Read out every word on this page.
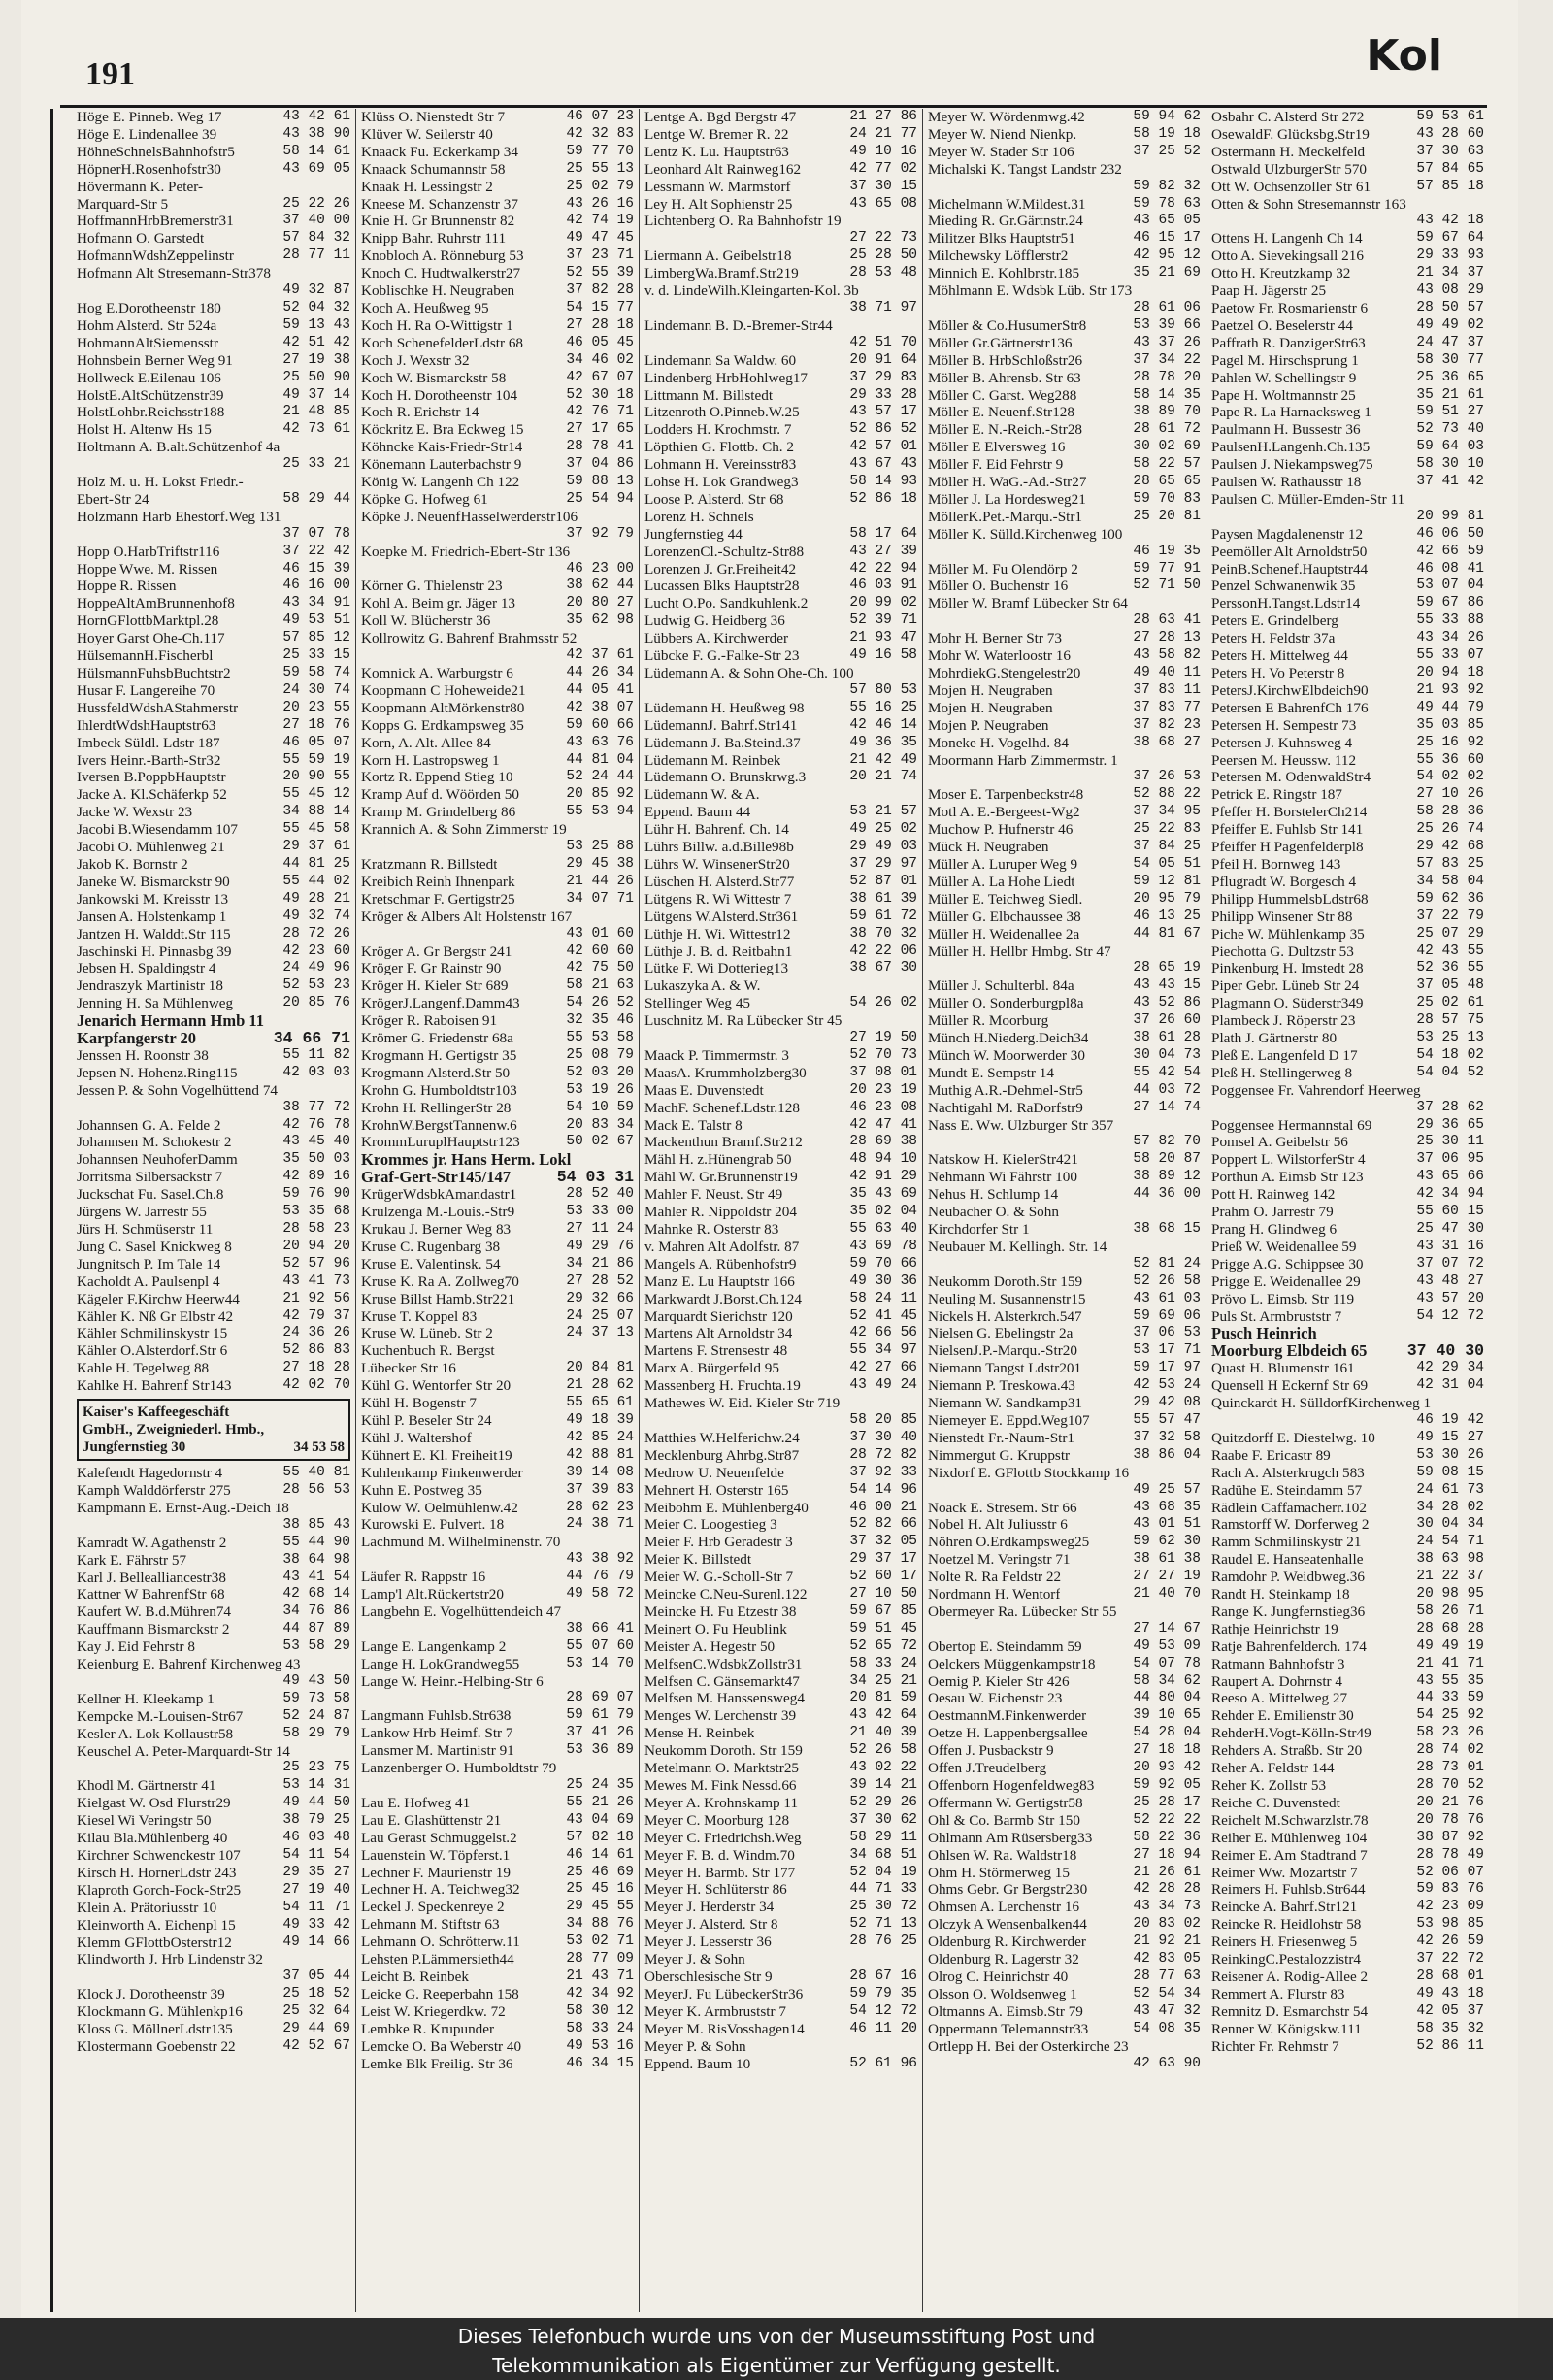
191	Kol
Höge E. Pinneb. Weg 17	43 42 61
Höge E. Lindenallee 39	43 38 90
HöhneSchnelsBahnhofstr5	58 14 61
HöpnerH.Rosenhofstr30	43 69 05
Hövermann K. Peter-
Marquard-Str 5	25 22 26
HoffmannHrbBremerstr31	37 40 00
Hofmann O. Garstedt	57 84 32
HofmannWdshZeppelinstr	28 77 11
Hofmann Alt Stresemann-Str378
49 32 87
Hog E.Dorotheenstr 180	52 04 32
Hohm Alsterd. Str 524a	59 13 43
HohmannAltSiemensstr	42 51 42
Hohnsbein Berner Weg 91	27 19 38
Hollweck E.Eilenau 106	25 50 90
HolstE.AltSchützenstr39	49 37 14
HolstLohbr.Reichsstr188	21 48 85
Holst H. Altenw Hs 15	42 73 61
Holtmann A. B.alt.Schützenhof 4a
25 33 21
Holz M. u. H. Lokst Friedr.-
Ebert-Str 24	58 29 44
Holzmann Harb Ehestorf.Weg 131
37 07 78
Hopp O.HarbTriftstr116	37 22 42
Hoppe Wwe. M. Rissen	46 15 39
Hoppe R. Rissen	46 16 00
HoppeAltAmBrunnenhof8	43 34 91
HornGFlottbMarktpl.28	49 53 51
Hoyer Garst Ohe-Ch.117	57 85 12
HülsemannH.Fischerbl	25 33 15
HülsmannFuhsbBuchtstr2	59 58 74
Husar F. Langereihe 70	24 30 74
HussfeldWdshAStahmerstr	20 23 55
IhlerdtWdshHauptstr63	27 18 76
Imbeck Süldl. Ldstr 187	46 05 07
Ivers Heinr.-Barth-Str32	55 59 19
Iversen B.PoppbHauptstr	20 90 55
Jacke A. Kl.Schäferkp 52	55 45 12
Jacke W. Wexstr 23	34 88 14
Jacobi B.Wiesendamm 107	55 45 58
Jacobi O. Mühlenweg 21	29 37 61
Jakob K. Bornstr 2	44 81 25
Janeke W. Bismarckstr 90	55 44 02
Jankowski M. Kreisstr 13	49 28 21
Jansen A. Holstenkamp 1	49 32 74
Jantzen H. Walddt.Str 115	28 72 26
Jaschinski H. Pinnasbg 39	42 23 60
Jebsen H. Spaldingstr 4	24 49 96
Jendraszyk Martinistr 18	52 53 23
Jenning H. Sa Mühlenweg	20 85 76
Jenarich Hermann Hmb 11
Karpfangerstr 20	34 66 71
Jenssen H. Roonstr 38	55 11 82
Jepsen N. Hohenz.Ring115	42 03 03
Jessen P. & Sohn Vogelhüttend 74
38 77 72
Johannsen G. A. Felde 2	42 76 78
Johannsen M. Schokestr 2	43 45 40
Johannsen NeuhoferDamm	35 50 03
Jorritsma Silbersackstr 7	42 89 16
Juckschat Fu. Sasel.Ch.8	59 76 90
Jürgens W. Jarrestr 55	53 35 68
Jürs H. Schmüserstr 11	28 58 23
Jung C. Sasel Knickweg 8	20 94 20
Jungnitsch P. Im Tale 14	52 57 96
Kacholdt A. Paulsenpl 4	43 41 73
Kägeler F.Kirchw Heerw44	21 92 56
Kähler K. Nß Gr Elbstr 42	42 79 37
Kähler Schmilinskystr 15	24 36 26
Kähler O.Alsterdorf.Str 6	52 86 83
Kahle H. Tegelweg 88	27 18 28
Kahlke H. Bahrenf Str143	42 02 70
Kaiser's Kaffeegeschäft
GmbH., Zweigniederl. Hmb.,
Jungfernstieg 30	34 53 58
Kalefendt Hagedornstr 4	55 40 81
Kamph Walddörferstr 275	28 56 53
Kampmann E. Ernst-Aug.-Deich 18
38 85 43
Kamradt W. Agathenstr 2	55 44 90
Kark E. Fährstr 57	38 64 98
Karl J. Bellealliancestr38	43 41 54
Kattner W BahrenfStr 68	42 68 14
Kaufert W. B.d.Mühren74	34 76 86
Kauffmann Bismarckstr 2	44 87 89
Kay J. Eid Fehrstr 8	53 58 29
Keienburg E. Bahrenf Kirchenweg 43
49 43 50
Kellner H. Kleekamp 1	59 73 58
Kempcke M.-Louisen-Str67	52 24 87
Kesler A. Lok Kollaustr58	58 29 79
Keuschel A. Peter-Marquardt-Str 14
25 23 75
Khodl M. Gärtnerstr 41	53 14 31
Kielgast W. Osd Flurstr29	49 44 50
Kiesel Wi Veringstr 50	38 79 25
Kilau Bla.Mühlenberg 40	46 03 48
Kirchner Schwenckestr 107	54 11 54
Kirsch H. HornerLdstr 243	29 35 27
Klaproth Gorch-Fock-Str25	27 19 40
Klein A. Prätoriusstr 10	54 11 71
Kleinworth A. Eichenpl 15	49 33 42
Klemm GFlottbOsterstr12	49 14 66
Klindworth J. Hrb Lindenstr 32
37 05 44
Klock J. Dorotheenstr 39	25 18 52
Klockmann G. Mühlenkp16	25 32 64
Kloss G. MöllnerLdstr135	29 44 69
Klostermann Goebenstr 22	42 52 67
Klüss O. Nienstedt Str 7	46 07 23
Klüver W. Seilerstr 40	42 32 83
Knaack Fu. Eckerkamp 34	59 77 70
Knaack Schumannstr 58	25 55 13
Knaak H. Lessingstr 2	25 02 79
Kneese M. Schanzenstr 37	43 26 16
Knie H. Gr Brunnenstr 82	42 74 19
Knipp Bahr. Ruhrstr 111	49 47 45
Knobloch A. Rönneburg 53	37 23 71
Knoch C. Hudtwalkerstr27	52 55 39
Koblischke H. Neugraben	37 82 28
Koch A. Heußweg 95	54 15 77
Koch H. Ra O-Wittigstr 1	27 28 18
Koch SchenefelderLdstr 68	46 05 45
Koch J. Wexstr 32	34 46 02
Koch W. Bismarckstr 58	42 67 07
Koch H. Dorotheenstr 104	52 30 18
Koch R. Erichstr 14	42 76 71
Köckritz E. Bra Eckweg 15	27 17 65
Köhncke Kais-Friedr-Str14	28 78 41
Könemann Lauterbachstr 9	37 04 86
König W. Langenh Ch 122	59 88 13
Köpke G. Hofweg 61	25 54 94
Köpke J. NeuenfHasselwerderstr106
37 92 79
Koepke M. Friedrich-Ebert-Str 136
46 23 00
Körner G. Thielenstr 23	38 62 44
Kohl A. Beim gr. Jäger 13	20 80 27
Koll W. Blücherstr 36	35 62 98
Kollrowitz G. Bahrenf Brahmsstr 52
42 37 61
Komnick A. Warburgstr 6	44 26 34
Koopmann C Hoheweide21	44 05 41
Koopmann AltMörkenstr80	42 38 07
Kopps G. Erdkampsweg 35	59 60 66
Korn, A. Alt. Allee 84	43 63 76
Korn H. Lastropsweg 1	44 81 04
Kortz R. Eppend Stieg 10	52 24 44
Kramp Auf d. Wöörden 50	20 85 92
Kramp M. Grindelberg 86	55 53 94
Krannich A. & Sohn Zimmerstr 19
53 25 88
Kratzmann R. Billstedt	29 45 38
Kreibich Reinh Ihnenpark	21 44 26
Kretschmar F. Gertigstr25	34 07 71
Kröger & Albers Alt Holstenstr 167
43 01 60
Kröger A. Gr Bergstr 241	42 60 60
Kröger F. Gr Rainstr 90	42 75 50
Kröger H. Kieler Str 689	58 21 63
KrögerJ.Langenf.Damm43	54 26 52
Kröger R. Raboisen 91	32 35 46
Krömer G. Friedenstr 68a	55 53 58
Krogmann H. Gertigstr 35	25 08 79
Krogmann Alsterd.Str 50	52 03 20
Krohn G. Humboldtstr103	53 19 26
Krohn H. RellingerStr 28	54 10 59
KrohnW.BergstTannenw.6	20 83 34
KrommLuruplHauptstr123	50 02 67
Krommes jr. Hans Herm. Lokl
Graf-Gert-Str145/147	54 03 31
KrügerWdsbkAmandastr1	28 52 40
Krulzenga M.-Louis.-Str9	53 33 00
Krukau J. Berner Weg 83	27 11 24
Kruse C. Rugenbarg 38	49 29 76
Kruse E. Valentinsk. 54	34 21 86
Kruse K. Ra A. Zollweg70	27 28 52
Kruse Billst Hamb.Str221	29 32 66
Kruse T. Koppel 83	24 25 07
Kruse W. Lüneb. Str 2	24 37 13
Kuchenbuch R. Bergst
Lübecker Str 16	20 84 81
Kühl G. Wentorfer Str 20	21 28 62
Kühl H. Bogenstr 7	55 65 61
Kühl P. Beseler Str 24	49 18 39
Kühl J. Waltershof	42 85 24
Kühnert E. Kl. Freiheit19	42 88 81
Kuhlenkamp Finkenwerder	39 14 08
Kuhn E. Postweg 35	37 39 83
Kulow W. Oelmühlenw.42	28 62 23
Kurowski E. Pulvert. 18	24 38 71
Lachmund M. Wilhelminenstr. 70
43 38 92
Läufer R. Rappstr 16	44 76 79
Lamp'l Alt.Rückertstr20	49 58 72
Langbehn E. Vogelhüttendeich 47
38 66 41
Lange E. Langenkamp 2	55 07 60
Lange H. LokGrandweg55	53 14 70
Lange W. Heinr.-Helbing-Str 6
28 69 07
Langmann Fuhlsb.Str638	59 61 79
Lankow Hrb Heimf. Str 7	37 41 26
Lansmer M. Martinistr 91	53 36 89
Lanzenberger O. Humboldtstr 79
25 24 35
Lau E. Hofweg 41	55 21 26
Lau E. Glashüttenstr 21	43 04 69
Lau Gerast Schmuggelst.2	57 82 18
Lauenstein W. Töpferst.1	46 14 61
Lechner F. Maurienstr 19	25 46 69
Lechner H. A. Teichweg32	25 45 16
Leckel J. Speckenreye 2	29 45 55
Lehmann M. Stiftstr 63	34 88 76
Lehmann O. Schrötterw.11	53 02 71
Lehsten P.Lämmersieth44	28 77 09
Leicht B. Reinbek	21 43 71
Leicke G. Reeperbahn 158	42 34 92
Leist W. Kriegerdkw. 72	58 30 12
Lembke R. Krupunder	58 33 24
Lemcke O. Ba Weberstr 40	49 53 16
Lemke Blk Freilig. Str 36	46 34 15
Lentge A. Bgd Bergstr 47	21 27 86
Lentge W. Bremer R. 22	24 21 77
Lentz K. Lu. Hauptstr63	49 10 16
Leonhard Alt Rainweg162	42 77 02
Lessmann W. Marmstorf	37 30 15
Ley H. Alt Sophienstr 25	43 65 08
Lichtenberg O. Ra Bahnhofstr 19
27 22 73
Liermann A. Geibelstr18	25 28 50
LimbergWa.Bramf.Str219	28 53 48
v. d. LindeWilh.Kleingarten-Kol. 3b
38 71 97
Lindemann B. D.-Bremer-Str44
42 51 70
Lindemann Sa Waldw. 60	20 91 64
Lindenberg HrbHohlweg17	37 29 83
Littmann M. Billstedt	29 33 28
Litzenroth O.Pinneb.W.25	43 57 17
Lodders H. Krochmstr. 7	52 86 52
Löpthien G. Flottb. Ch. 2	42 57 01
Lohmann H. Vereinsstr83	43 67 43
Lohse H. Lok Grandweg3	58 14 93
Loose P. Alsterd. Str 68	52 86 18
Lorenz H. Schnels
Jungfernstieg 44	58 17 64
LorenzenCl.-Schultz-Str88	43 27 39
Lorenzen J. Gr.Freiheit42	42 22 94
Lucassen Blks Hauptstr28	46 03 91
Lucht O.Po. Sandkuhlenk.2	20 99 02
Ludwig G. Heidberg 36	52 39 71
Lübbers A. Kirchwerder	21 93 47
Lübcke F. G.-Falke-Str 23	49 16 58
Lüdemann A. & Sohn Ohe-Ch. 100
57 80 53
Lüdemann H. Heußweg 98	55 16 25
LüdemannJ. Bahrf.Str141	42 46 14
Lüdemann J. Ba.Steind.37	49 36 35
Lüdemann M. Reinbek	21 42 49
Lüdemann O. Brunskrwg.3	20 21 74
Lüdemann W. & A.
Eppend. Baum 44	53 21 57
Lühr H. Bahrenf. Ch. 14	49 25 02
Lührs Billw. a.d.Bille98b	29 49 03
Lührs W. WinsenerStr20	37 29 97
Lüschen H. Alsterd.Str77	52 87 01
Lütgens R. Wi Wittestr 7	38 61 39
Lütgens W.Alsterd.Str361	59 61 72
Lüthje H. Wi. Wittestr12	38 70 32
Lüthje J. B. d. Reitbahn1	42 22 06
Lütke F. Wi Dotterieg13	38 67 30
Lukaszyka A. & W.
Stellinger Weg 45	54 26 02
Luschnitz M. Ra Lübecker Str 45
27 19 50
Maack P. Timmermstr. 3	52 70 73
MaasA. Krummholzberg30	37 08 01
Maas E. Duvenstedt	20 23 19
MachF. Schenef.Ldstr.128	46 23 08
Mack E. Talstr 8	42 47 41
Mackenthun Bramf.Str212	28 69 38
Mähl H. z.Hünengrab 50	48 94 10
Mähl W. Gr.Brunnenstr19	42 91 29
Mahler F. Neust. Str 49	35 43 69
Mahler R. Nippoldstr 204	35 02 04
Mahnke R. Osterstr 83	55 63 40
v. Mahren Alt Adolfstr. 87	43 69 78
Mangels A. Rübenhofstr9	59 70 66
Manz E. Lu Hauptstr 166	49 30 36
Markwardt J.Borst.Ch.124	58 24 11
Marquardt Sierichstr 120	52 41 45
Martens Alt Arnoldstr 34	42 66 56
Martens F. Strensestr 48	55 34 97
Marx A. Bürgerfeld 95	42 27 66
Massenberg H. Fruchta.19	43 49 24
Mathewes W. Eid. Kieler Str 719
58 20 85
Matthies W.Helferichw.24	37 30 40
Mecklenburg Ahrbg.Str87	28 72 82
Medrow U. Neuenfelde	37 92 33
Mehnert H. Osterstr 165	54 14 96
Meibohm E. Mühlenberg40	46 00 21
Meier C. Loogestieg 3	52 82 66
Meier F. Hrb Geradestr 3	37 32 05
Meier K. Billstedt	29 37 17
Meier W. G.-Scholl-Str 7	52 60 17
Meincke C.Neu-Surenl.122	27 10 50
Meincke H. Fu Etzestr 38	59 67 85
Meinert O. Fu Heublink	59 51 45
Meister A. Hegestr 50	52 65 72
MelfsenC.WdsbkZollstr31	58 33 24
Melfsen C. Gänsemarkt47	34 25 21
Melfsen M. Hanssensweg4	20 81 59
Menges W. Lerchenstr 39	43 42 64
Mense H. Reinbek	21 40 39
Neukomm Doroth. Str 159	52 26 58
Metelmann O. Marktstr25	43 02 22
Mewes M. Fink Nessd.66	39 14 21
Meyer A. Krohnskamp 11	52 29 26
Meyer C. Moorburg 128	37 30 62
Meyer C. Friedrichsh.Weg	58 29 11
Meyer F. B. d. Windm.70	34 68 51
Meyer H. Barmb. Str 177	52 04 19
Meyer H. Schlüterstr 86	44 71 33
Meyer J. Herderstr 34	25 30 72
Meyer J. Alsterd. Str 8	52 71 13
Meyer J. Lesserstr 36	28 76 25
Meyer J. & Sohn
Oberschlesische Str 9	28 67 16
MeyerJ. Fu LübeckerStr36	59 79 35
Meyer K. Armbruststr 7	54 12 72
Meyer M. RisVosshagen14	46 11 20
Meyer P. & Sohn
Eppend. Baum 10	52 61 96
Meyer W. Wördenmwg.42	59 94 62
Meyer W. Niend Nienkp.	58 19 18
Meyer W. Stader Str 106	37 25 52
Michalski K. Tangst Landstr 232
59 82 32
Michelmann W.Mildest.31	59 78 63
Mieding R. Gr.Gärtnstr.24	43 65 05
Militzer Blks Hauptstr51	46 15 17
Milchewsky Löfflerstr2	42 95 12
Minnich E. Kohlbrstr.185	35 21 69
Möhlmann E. Wdsbk Lüb. Str 173
28 61 06
Möller & Co.HusumerStr8	53 39 66
Möller Gr.Gärtnerstr136	43 37 26
Möller B. HrbSchloßstr26	37 34 22
Möller B. Ahrensb. Str 63	28 78 20
Möller C. Garst. Weg288	58 14 35
Möller E. Neuenf.Str128	38 89 70
Möller E. N.-Reich.-Str28	28 61 72
Möller E Elversweg 16	30 02 69
Möller F. Eid Fehrstr 9	58 22 57
Möller H. WaG.-Ad.-Str27	28 65 65
Möller J. La Hordesweg21	59 70 83
MöllerK.Pet.-Marqu.-Str1	25 20 81
Möller K. Sülld.Kirchenweg 100
46 19 35
Möller M. Fu Olendörp 2	59 77 91
Möller O. Buchenstr 16	52 71 50
Möller W. Bramf Lübecker Str 64
28 63 41
Mohr H. Berner Str 73	27 28 13
Mohr W. Waterloostr 16	43 58 82
MohrdiekG.Stengelestr20	49 40 11
Mojen H. Neugraben	37 83 11
Mojen H. Neugraben	37 83 77
Mojen P. Neugraben	37 82 23
Moneke H. Vogelhd. 84	38 68 27
Moormann Harb Zimmermstr. 1
37 26 53
Moser E. Tarpenbeckstr48	52 88 22
Motl A. E.-Bergeest-Wg2	37 34 95
Muchow P. Hufnerstr 46	25 22 83
Mück H. Neugraben	37 84 25
Müller A. Luruper Weg 9	54 05 51
Müller A. La Hohe Liedt	59 12 81
Müller E. Teichweg Siedl.	20 95 79
Müller G. Elbchaussee 38	46 13 25
Müller H. Weidenallee 2a	44 81 67
Müller H. Hellbr Hmbg. Str 47
28 65 19
Müller J. Schulterbl. 84a	43 43 15
Müller O. Sonderburgpl8a	43 52 86
Müller R. Moorburg	37 26 60
Münch H.Niederg.Deich34	38 61 28
Münch W. Moorwerder 30	30 04 73
Mundt E. Sempstr 14	55 42 54
Muthig A.R.-Dehmel-Str5	44 03 72
Nachtigahl M. RaDorfstr9	27 14 74
Nass E. Ww. Ulzburger Str 357
57 82 70
Natskow H. KielerStr421	58 20 87
Nehmann Wi Fährstr 100	38 89 12
Nehus H. Schlump 14	44 36 00
Neubacher O. & Sohn
Kirchdorfer Str 1	38 68 15
Neubauer M. Kellingh. Str. 14
52 81 24
Neukomm Doroth.Str 159	52 26 58
Neuling M. Susannenstr15	43 61 03
Nickels H. Alsterkrch.547	59 69 06
Nielsen G. Ebelingstr 2a	37 06 53
NielsenJ.P.-Marqu.-Str20	53 17 71
Niemann Tangst Ldstr201	59 17 97
Niemann P. Treskowa.43	42 53 24
Niemann W. Sandkamp31	29 42 08
Niemeyer E. Eppd.Weg107	55 57 47
Nienstedt Fr.-Naum-Str1	37 32 58
Nimmergut G. Kruppstr	38 86 04
Nixdorf E. GFlottb Stockkamp 16
49 25 57
Noack E. Stresem. Str 66	43 68 35
Nobel H. Alt Juliusstr 6	43 01 51
Nöhren O.Erdkampsweg25	59 62 30
Noetzel M. Veringstr 71	38 61 38
Nolte R. Ra Feldstr 22	27 27 19
Nordmann H. Wentorf	21 40 70
Obermeyer Ra. Lübecker Str 55
27 14 67
Obertop E. Steindamm 59	49 53 09
Oelckers Müggenkampstr18	54 07 78
Oemig P. Kieler Str 426	58 34 62
Oesau W. Eichenstr 23	44 80 04
OestmannM.Finkenwerder	39 10 65
Oetze H. Lappenbergsallee	54 28 04
Offen J. Pusbackstr 9	27 18 18
Offen J.Treudelberg	20 93 42
Offenborn Hogenfeldweg83	59 92 05
Offermann W. Gertigstr58	25 28 17
Ohl & Co. Barmb Str 150	52 22 22
Ohlmann Am Rüsersberg33	58 22 36
Ohlsen W. Ra. Waldstr18	27 18 94
Ohm H. Störmerweg 15	21 26 61
Ohms Gebr. Gr Bergstr230	42 28 28
Ohmsen A. Lerchenstr 16	43 34 73
Olczyk A Wensenbalken44	20 83 02
Oldenburg R. Kirchwerder	21 92 21
Oldenburg R. Lagerstr 32	42 83 05
Olrog C. Heinrichstr 40	28 77 63
Olsson O. Woldsenweg 1	52 54 34
Oltmanns A. Eimsb.Str 79	43 47 32
Oppermann Telemannstr33	54 08 35
Ortlepp H. Bei der Osterkirche 23
42 63 90
Osbahr C. Alsterd Str 272	59 53 61
OsewaldF. Glücksbg.Str19	43 28 60
Ostermann H. Meckelfeld	37 30 63
Ostwald UlzburgerStr 570	57 84 65
Ott W. Ochsenzoller Str 61	57 85 18
Otten & Sohn Stresemannstr 163
43 42 18
Ottens H. Langenh Ch 14	59 67 64
Otto A. Sievekingsall 216	29 33 93
Otto H. Kreutzkamp 32	21 34 37
Paap H. Jägerstr 25	43 08 29
Paetow Fr. Rosmarienstr 6	28 50 57
Paetzel O. Beselerstr 44	49 49 02
Paffrath R. DanzigerStr63	24 47 37
Pagel M. Hirschsprung 1	58 30 77
Pahlen W. Schellingstr 9	25 36 65
Pape H. Woltmannstr 25	35 21 61
Pape R. La Harnacksweg 1	59 51 27
Paulmann H. Bussestr 36	52 73 40
PaulsenH.Langenh.Ch.135	59 64 03
Paulsen J. Niekampsweg75	58 30 10
Paulsen W. Rathausstr 18	37 41 42
Paulsen C. Müller-Emden-Str 11
20 99 81
Paysen Magdalenenstr 12	46 06 50
Peemöller Alt Arnoldstr50	42 66 59
PeinB.Schenef.Hauptstr44	46 08 41
Penzel Schwanenwik 35	53 07 04
PerssonH.Tangst.Ldstr14	59 67 86
Peters E. Grindelberg	55 33 88
Peters H. Feldstr 37a	43 34 26
Peters H. Mittelweg 44	55 33 07
Peters H. Vo Peterstr 8	20 94 18
PetersJ.KirchwElbdeich90	21 93 92
Petersen E BahrenfCh 176	49 44 79
Petersen H. Sempestr 73	35 03 85
Petersen J. Kuhnsweg 4	25 16 92
Peersen M. Heussw. 112	55 36 60
Petersen M. OdenwaldStr4	54 02 02
Petrick E. Ringstr 187	27 10 26
Pfeffer H. BorstelerCh214	58 28 36
Pfeiffer E. Fuhlsb Str 141	25 26 74
Pfeiffer H Pagenfelderpl8	29 42 68
Pfeil H. Bornweg 143	57 83 25
Pflugradt W. Borgesch 4	34 58 04
Philipp HummelsbLdstr68	59 62 36
Philipp Winsener Str 88	37 22 79
Piche W. Mühlenkamp 35	25 07 29
Piechotta G. Dultzstr 53	42 43 55
Pinkenburg H. Imstedt 28	52 36 55
Piper Gebr. Lüneb Str 24	37 05 48
Plagmann O. Süderstr349	25 02 61
Plambeck J. Röperstr 23	28 57 75
Plath J. Gärtnerstr 80	53 25 13
Pleß E. Langenfeld D 17	54 18 02
Pleß H. Stellingerweg 8	54 04 52
Poggensee Fr. Vahrendorf Heerweg
37 28 62
Poggensee Hermannstal 69	29 36 65
Pomsel A. Geibelstr 56	25 30 11
Poppert L. WilstorferStr 4	37 06 95
Porthun A. Eimsb Str 123	43 65 66
Pott H. Rainweg 142	42 34 94
Prahm O. Jarrestr 79	55 60 15
Prang H. Glindweg 6	25 47 30
Prieß W. Weidenallee 59	43 31 16
Prigge A.G. Schippsee 30	37 07 72
Prigge E. Weidenallee 29	43 48 27
Prövo L. Eimsb. Str 119	43 57 20
Puls St. Armbruststr 7	54 12 72
Pusch Heinrich
Moorburg Elbdeich 65	37 40 30
Quast H. Blumenstr 161	42 29 34
Quensell H Eckernf Str 69	42 31 04
Quinckardt H. SülldorfKirchenweg 1
46 19 42
Quitzdorff E. Diestelwg. 10	49 15 27
Raabe F. Ericastr 89	53 30 26
Rach A. Alsterkrugch 583	59 08 15
Radühe E. Steindamm 57	24 61 73
Rädlein Caffamacherr.102	34 28 02
Ramstorff W. Dorferweg 2	30 04 34
Ramm Schmilinskystr 21	24 54 71
Raudel E. Hanseatenhalle	38 63 98
Ramdohr P. Weidbweg.36	21 22 37
Randt H. Steinkamp 18	20 98 95
Range K. Jungfernstieg36	58 26 71
Rathje Heinrichstr 19	28 68 28
Ratje Bahrenfelderch. 174	49 49 19
Ratmann Bahnhofstr 3	21 41 71
Raupert A. Dohrnstr 4	43 55 35
Reeso A. Mittelweg 27	44 33 59
Rehder E. Emilienstr 30	54 25 92
RehderH.Vogt-Kölln-Str49	58 23 26
Rehders A. Straßb. Str 20	28 74 02
Reher A. Feldstr 144	28 73 01
Reher K. Zollstr 53	28 70 52
Reiche C. Duvenstedt	20 21 76
Reichelt M.Schwarzlstr.78	20 78 76
Reiher E. Mühlenweg 104	38 87 92
Reimer E. Am Stadtrand 7	28 78 49
Reimer Ww. Mozartstr 7	52 06 07
Reimers H. Fuhlsb.Str644	59 83 76
Reincke A. Bahrf.Str121	42 23 09
Reincke R. Heidlohstr 58	53 98 85
Reiners H. Friesenweg 5	42 26 59
ReinkingC.Pestalozzistr4	37 22 72
Reisener A. Rodig-Allee 2	28 68 01
Remmert A. Flurstr 83	49 43 18
Remnitz D. Esmarchstr 54	42 05 37
Renner W. Königskw.111	58 35 32
Richter Fr. Rehmstr 7	52 86 11
Dieses Telefonbuch wurde uns von der Museumsstiftung Post und
Telekommunikation als Eigentümer zur Verfügung gestellt.
